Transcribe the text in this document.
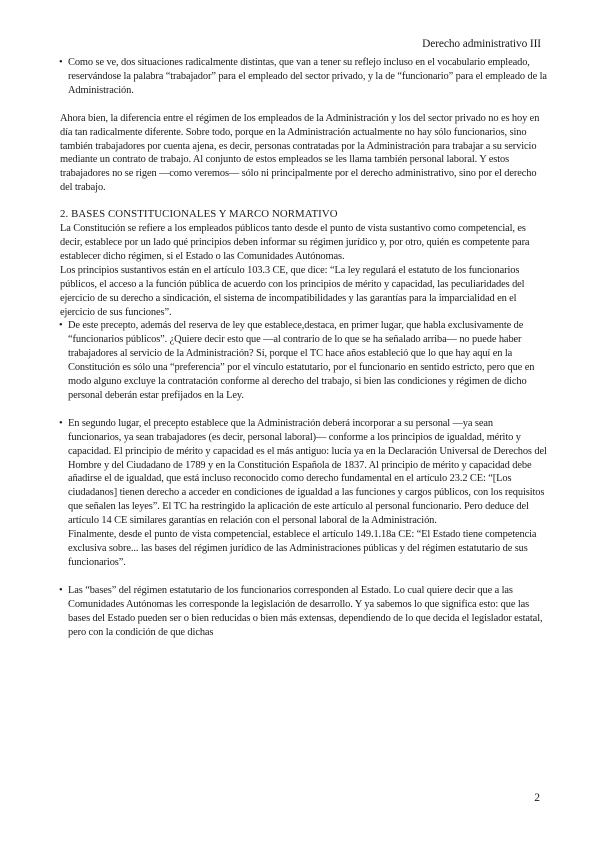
Derecho administrativo III
• Como se ve, dos situaciones radicalmente distintas, que van a tener su reflejo incluso en el vocabulario empleado, reservándose la palabra “trabajador” para el empleado del sector privado, y la de “funcionario” para el empleado de la Administración.

Ahora bien, la diferencia entre el régimen de los empleados de la Administración y los del sector privado no es hoy en día tan radicalmente diferente. Sobre todo, porque en la Administración actualmente no hay sólo funcionarios, sino también trabajadores por cuenta ajena, es decir, personas contratadas por la Administración para trabajar a su servicio mediante un contrato de trabajo. Al conjunto de estos empleados se les llama también personal laboral. Y estos trabajadores no se rigen ––como veremos–– sólo ni principalmente por el derecho administrativo, sino por el derecho del trabajo.

2. BASES CONSTITUCIONALES Y MARCO NORMATIVO

La Constitución se refiere a los empleados públicos tanto desde el punto de vista sustantivo como competencial, es decir, establece por un lado qué principios deben informar su régimen jurídico y, por otro, quién es competente para establecer dicho régimen, si el Estado o las Comunidades Autónomas.

Los principios sustantivos están en el artículo 103.3 CE, que dice: “La ley regulará el estatuto de los funcionarios públicos, el acceso a la función pública de acuerdo con los principios de mérito y capacidad, las peculiaridades del ejercicio de su derecho a sindicación, el sistema de incompatibilidades y las garantías para la imparcialidad en el ejercicio de sus funciones”.

• De este precepto, además del reserva de ley que establece,destaca, en primer lugar, que habla exclusivamente de “funcionarios públicos”. ¿Quiere decir esto que ––al contrario de lo que se ha señalado arriba–– no puede haber trabajadores al servicio de la Administración? Sí, porque el TC hace años estableció que lo que hay aquí en la Constitución es sólo una “preferencia” por el vínculo estatutario, por el funcionario en sentido estricto, pero que en modo alguno excluye la contratación conforme al derecho del trabajo, si bien las condiciones y régimen de dicho personal deberán estar prefijados en la Ley.

• En segundo lugar, el precepto establece que la Administración deberá incorporar a su personal ––ya sean funcionarios, ya sean trabajadores (es decir, personal laboral)–– conforme a los principios de igualdad, mérito y capacidad. El principio de mérito y capacidad es el más antiguo: lucía ya en la Declaración Universal de Derechos del Hombre y del Ciudadano de 1789 y en la Constitución Española de 1837. Al principio de mérito y capacidad debe añadirse el de igualdad, que está incluso reconocido como derecho fundamental en el artículo 23.2 CE: “[Los ciudadanos] tienen derecho a acceder en condiciones de igualdad a las funciones y cargos públicos, con los requisitos que señalen las leyes”. El TC ha restringido la aplicación de este artículo al personal funcionario. Pero deduce del artículo 14 CE similares garantías en relación con el personal laboral de la Administración.

Finalmente, desde el punto de vista competencial, establece el artículo 149.1.18a CE: “El Estado tiene competencia exclusiva sobre... las bases del régimen jurídico de las Administraciones públicas y del régimen estatutario de sus funcionarios”.

• Las “bases” del régimen estatutario de los funcionarios corresponden al Estado. Lo cual quiere decir que a las Comunidades Autónomas les corresponde la legislación de desarrollo. Y ya sabemos lo que significa esto: que las bases del Estado pueden ser o bien reducidas o bien más extensas, dependiendo de lo que decida el legislador estatal, pero con la condición de que dichas

2
